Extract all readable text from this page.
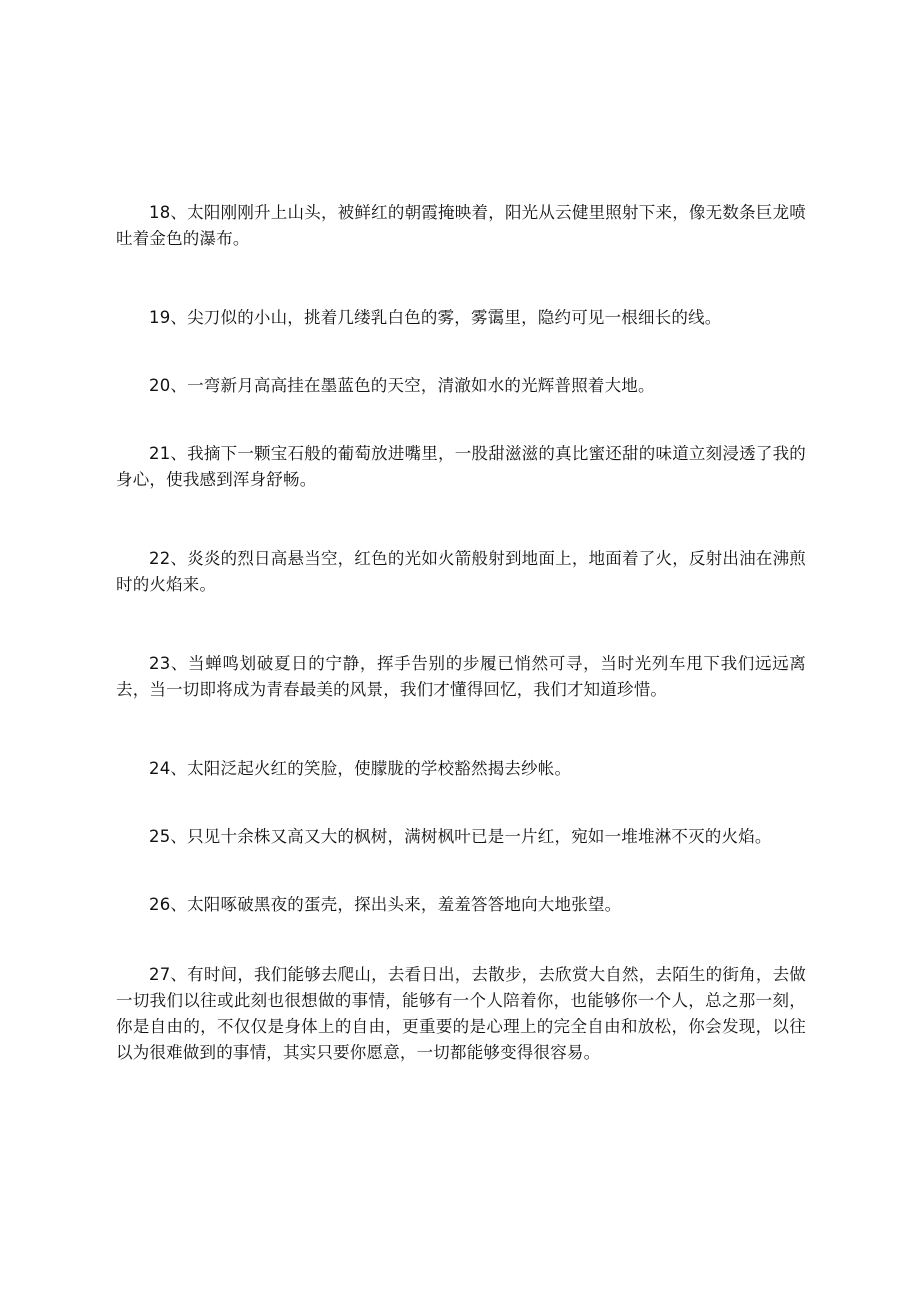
18、太阳刚刚升上山头，被鲜红的朝霞掩映着，阳光从云健里照射下来，像无数条巨龙喷吐着金色的瀑布。

19、尖刀似的小山，挑着几缕乳白色的雾，雾霭里，隐约可见一根细长的线。

20、一弯新月高高挂在墨蓝色的天空，清澈如水的光辉普照着大地。

21、我摘下一颗宝石般的葡萄放进嘴里，一股甜滋滋的真比蜜还甜的味道立刻浸透了我的身心，使我感到浑身舒畅。

22、炎炎的烈日高悬当空，红色的光如火箭般射到地面上，地面着了火，反射出油在沸煎时的火焰来。

23、当蝉鸣划破夏日的宁静，挥手告别的步履已悄然可寻，当时光列车甩下我们远远离去，当一切即将成为青春最美的风景，我们才懂得回忆，我们才知道珍惜。

24、太阳泛起火红的笑脸，使朦胧的学校豁然揭去纱帐。

25、只见十余株又高又大的枫树，满树枫叶已是一片红，宛如一堆堆淋不灭的火焰。

26、太阳啄破黑夜的蛋壳，探出头来，羞羞答答地向大地张望。

27、有时间，我们能够去爬山，去看日出，去散步，去欣赏大自然，去陌生的街角，去做一切我们以往或此刻也很想做的事情，能够有一个人陪着你，也能够你一个人，总之那一刻，你是自由的，不仅仅是身体上的自由，更重要的是心理上的完全自由和放松，你会发现，以往以为很难做到的事情，其实只要你愿意，一切都能够变得很容易。
